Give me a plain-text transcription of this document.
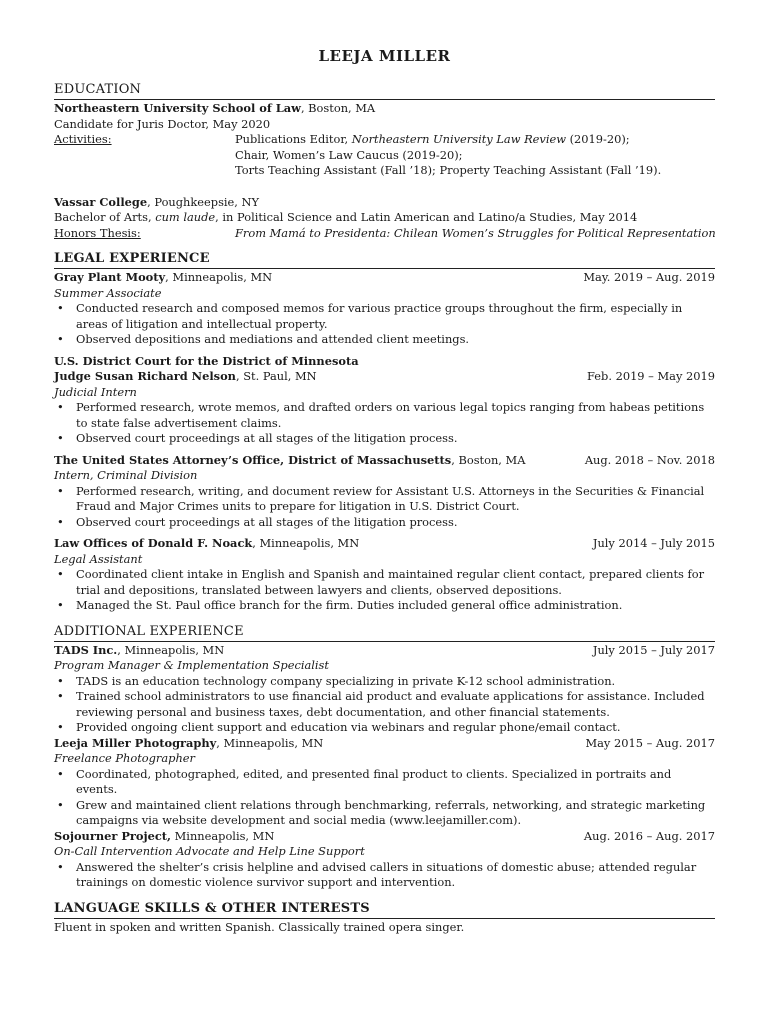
LEEJA MILLER
EDUCATION
Northeastern University School of Law, Boston, MA
Candidate for Juris Doctor, May 2020
Activities:	Publications Editor, Northeastern University Law Review (2019-20);
Chair, Women’s Law Caucus (2019-20);
Torts Teaching Assistant (Fall ’18); Property Teaching Assistant (Fall ’19).
Vassar College, Poughkeepsie, NY
Bachelor of Arts, cum laude, in Political Science and Latin American and Latino/a Studies, May 2014
Honors Thesis:	From Mamá to Presidenta: Chilean Women’s Struggles for Political Representation
LEGAL EXPERIENCE
Gray Plant Mooty, Minneapolis, MN	May. 2019 – Aug. 2019
Summer Associate
• Conducted research and composed memos for various practice groups throughout the firm, especially in areas of litigation and intellectual property.
• Observed depositions and mediations and attended client meetings.
U.S. District Court for the District of Minnesota
Judge Susan Richard Nelson, St. Paul, MN	Feb. 2019 – May 2019
Judicial Intern
• Performed research, wrote memos, and drafted orders on various legal topics ranging from habeas petitions to state false advertisement claims.
• Observed court proceedings at all stages of the litigation process.
The United States Attorney’s Office, District of Massachusetts, Boston, MA	Aug. 2018 – Nov. 2018
Intern, Criminal Division
• Performed research, writing, and document review for Assistant U.S. Attorneys in the Securities & Financial Fraud and Major Crimes units to prepare for litigation in U.S. District Court.
• Observed court proceedings at all stages of the litigation process.
Law Offices of Donald F. Noack, Minneapolis, MN	July 2014 – July 2015
Legal Assistant
• Coordinated client intake in English and Spanish and maintained regular client contact, prepared clients for trial and depositions, translated between lawyers and clients, observed depositions.
• Managed the St. Paul office branch for the firm. Duties included general office administration.
ADDITIONAL EXPERIENCE
TADS Inc., Minneapolis, MN	July 2015 – July 2017
Program Manager & Implementation Specialist
• TADS is an education technology company specializing in private K-12 school administration.
• Trained school administrators to use financial aid product and evaluate applications for assistance. Included reviewing personal and business taxes, debt documentation, and other financial statements.
• Provided ongoing client support and education via webinars and regular phone/email contact.
Leeja Miller Photography, Minneapolis, MN	May 2015 – Aug. 2017
Freelance Photographer
• Coordinated, photographed, edited, and presented final product to clients. Specialized in portraits and events.
• Grew and maintained client relations through benchmarking, referrals, networking, and strategic marketing campaigns via website development and social media (www.leejamiller.com).
Sojourner Project, Minneapolis, MN	Aug. 2016 – Aug. 2017
On-Call Intervention Advocate and Help Line Support
• Answered the shelter’s crisis helpline and advised callers in situations of domestic abuse; attended regular trainings on domestic violence survivor support and intervention.
LANGUAGE SKILLS & OTHER INTERESTS
Fluent in spoken and written Spanish. Classically trained opera singer.
